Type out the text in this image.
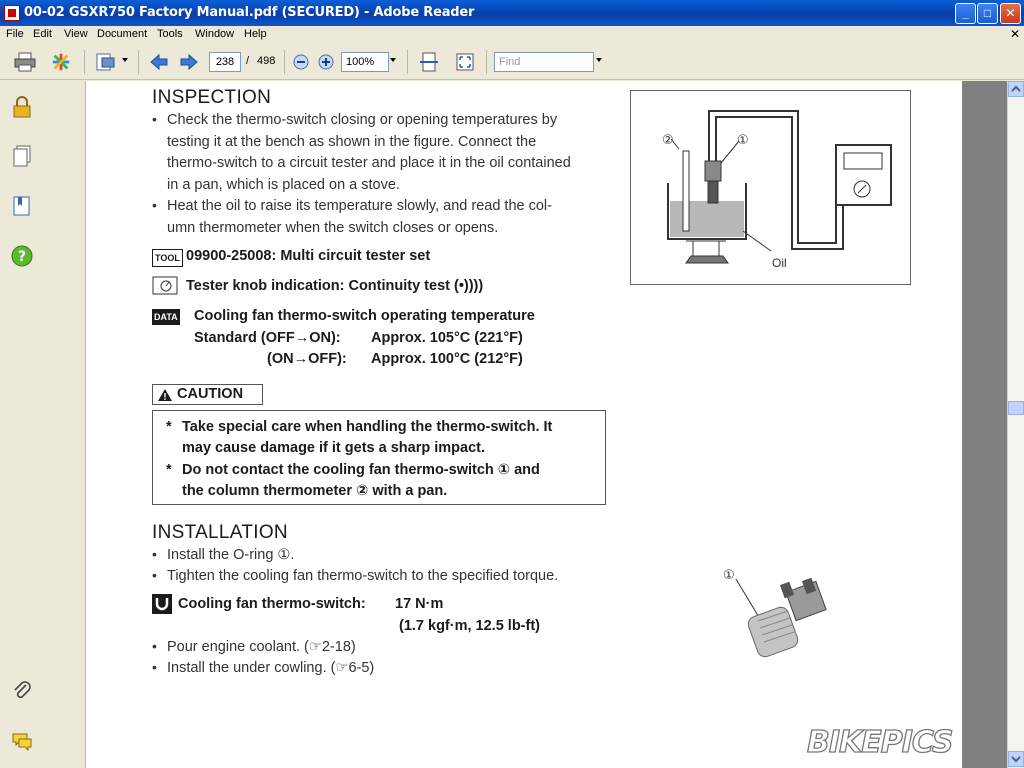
00-02 GSXR750 Factory Manual.pdf (SECURED) - Adobe Reader	_	□	✕
File Edit View Document Tools Window Help	✕
238	/ 498	100%	Find
?
INSPECTION
• Check the thermo-switch closing or opening temperatures by
testing it at the bench as shown in the figure. Connect the
thermo-switch to a circuit tester and place it in the oil contained
in a pan, which is placed on a stove.
• Heat the oil to raise its temperature slowly, and read the col-
umn thermometer when the switch closes or opens.
TOOL 09900-25008: Multi circuit tester set
Tester knob indication: Continuity test (•))))
DATA Cooling fan thermo-switch operating temperature
Standard (OFF→ON): Approx. 105°C (221°F)
(ON→OFF): Approx. 100°C (212°F)
CAUTION
* Take special care when handling the thermo-switch. It
may cause damage if it gets a sharp impact.
* Do not contact the cooling fan thermo-switch ① and
the column thermometer ② with a pan.
INSTALLATION
• Install the O-ring ①.
• Tighten the cooling fan thermo-switch to the specified torque.
Cooling fan thermo-switch: 17 N·m
(1.7 kgf·m, 12.5 lb-ft)
• Pour engine coolant. (☞2-18)
• Install the under cowling. (☞6-5)
②	①
Oil
①
BIKEPICS
